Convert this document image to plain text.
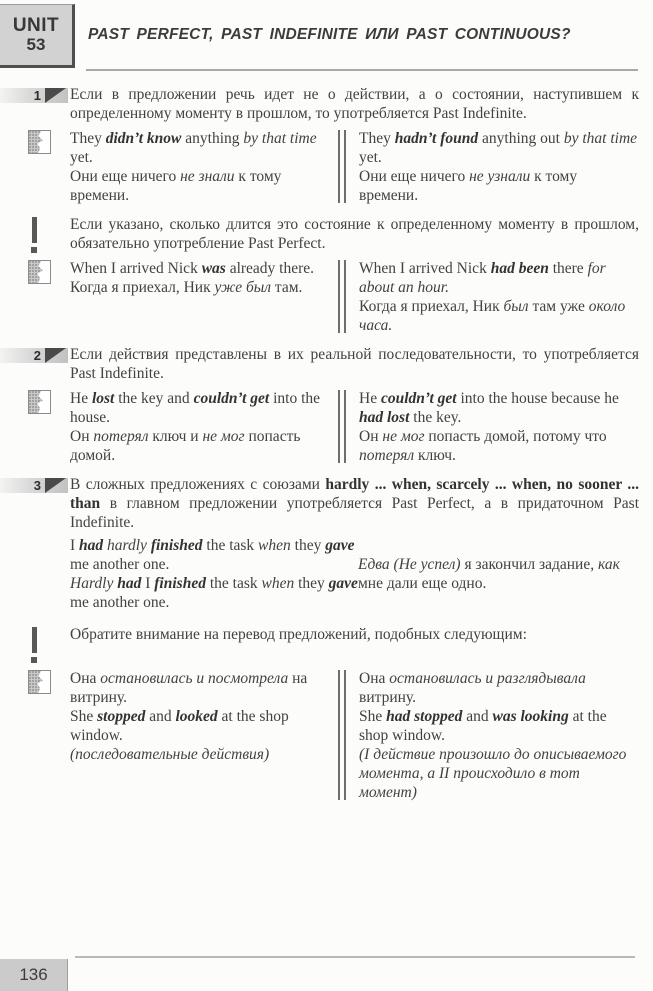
UNIT
53
PAST PERFECT, PAST INDEFINITE ИЛИ PAST CONTINUOUS?
1 Если в предложении речь идет не о действии, а о состоянии, наступившем к определенному моменту в прошлом, то употребляется Past Indefinite.
They didn’t know anything by that time yet.
Они еще ничего не знали к тому времени.
They hadn’t found anything out by that time yet.
Они еще ничего не узнали к тому времени.
Если указано, сколько длится это состояние к определенному моменту в прошлом, обязательно употребление Past Perfect.
When I arrived Nick was already there.
Когда я приехал, Ник уже был там.
When I arrived Nick had been there for about an hour.
Когда я приехал, Ник был там уже около часа.
2 Если действия представлены в их реальной последовательности, то употребляется Past Indefinite.
He lost the key and couldn’t get into the house.
Он потерял ключ и не мог попасть домой.
He couldn’t get into the house because he had lost the key.
Он не мог попасть домой, потому что потерял ключ.
3 В сложных предложениях с союзами hardly ... when, scarcely ... when, no sooner ... than в главном предложении употребляется Past Perfect, а в придаточном Past Indefinite.
I had hardly finished the task when they gave me another one.
Hardly had I finished the task when they gave me another one.
Едва (Не успел) я закончил задание, как мне дали еще одно.
Обратите внимание на перевод предложений, подобных следующим:
Она остановилась и посмотрела на витрину.
She stopped and looked at the shop window.
(последовательные действия)
Она остановилась и разглядывала витрину.
She had stopped and was looking at the shop window.
(I действие произошло до описываемого момента, а II происходило в тот момент)
136
